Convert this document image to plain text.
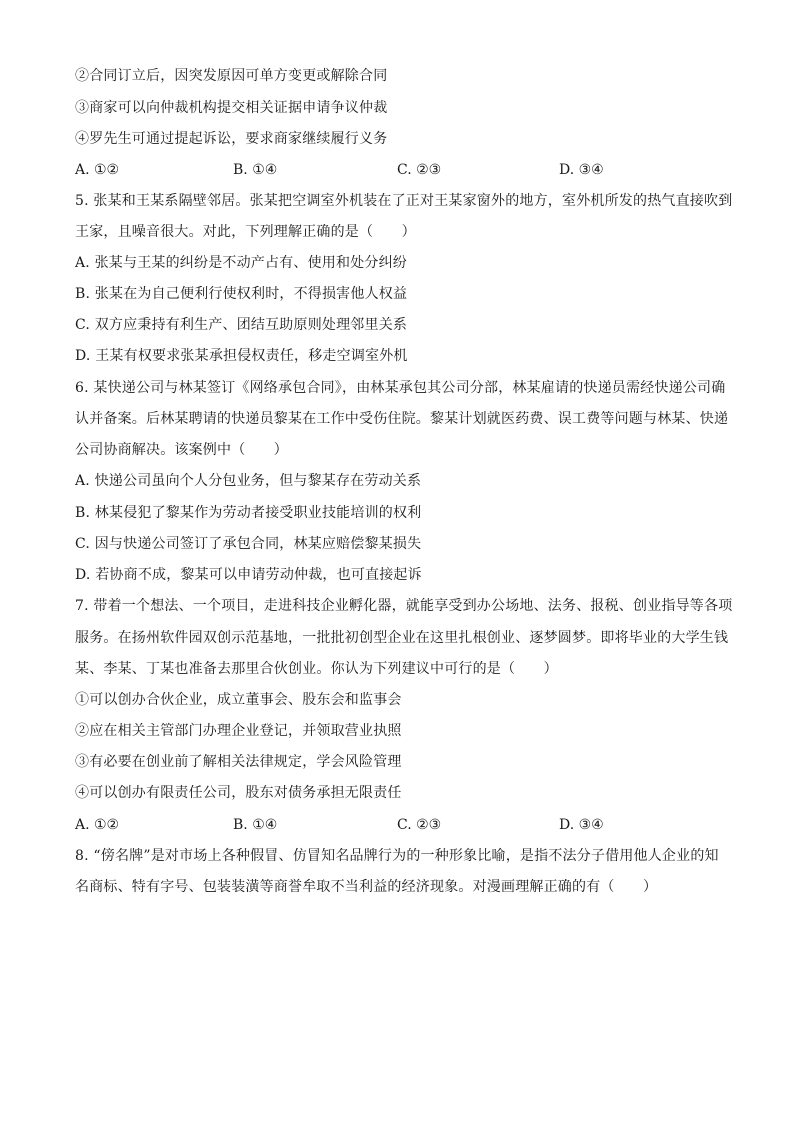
②合同订立后，因突发原因可单方变更或解除合同
③商家可以向仲裁机构提交相关证据申请争议仲裁
④罗先生可通过提起诉讼，要求商家继续履行义务
A. ①②	B. ①④	C. ②③	D. ③④
5. 张某和王某系隔壁邻居。张某把空调室外机装在了正对王某家窗外的地方，室外机所发的热气直接吹到
王家，且噪音很大。对此，下列理解正确的是（　　）
A. 张某与王某的纠纷是不动产占有、使用和处分纠纷
B. 张某在为自己便利行使权利时，不得损害他人权益
C. 双方应秉持有利生产、团结互助原则处理邻里关系
D. 王某有权要求张某承担侵权责任，移走空调室外机
6. 某快递公司与林某签订《网络承包合同》，由林某承包其公司分部，林某雇请的快递员需经快递公司确
认并备案。后林某聘请的快递员黎某在工作中受伤住院。黎某计划就医药费、误工费等问题与林某、快递
公司协商解决。该案例中（　　）
A. 快递公司虽向个人分包业务，但与黎某存在劳动关系
B. 林某侵犯了黎某作为劳动者接受职业技能培训的权利
C. 因与快递公司签订了承包合同，林某应赔偿黎某损失
D. 若协商不成，黎某可以申请劳动仲裁，也可直接起诉
7. 带着一个想法、一个项目，走进科技企业孵化器，就能享受到办公场地、法务、报税、创业指导等各项
服务。在扬州软件园双创示范基地，一批批初创型企业在这里扎根创业、逐梦圆梦。即将毕业的大学生钱
某、李某、丁某也准备去那里合伙创业。你认为下列建议中可行的是（　　）
①可以创办合伙企业，成立董事会、股东会和监事会
②应在相关主管部门办理企业登记，并领取营业执照
③有必要在创业前了解相关法律规定，学会风险管理
④可以创办有限责任公司，股东对债务承担无限责任
A. ①②	B. ①④	C. ②③	D. ③④
8. “傍名牌”是对市场上各种假冒、仿冒知名品牌行为的一种形象比喻，是指不法分子借用他人企业的知
名商标、特有字号、包装装潢等商誉牟取不当利益的经济现象。对漫画理解正确的有（　　）
